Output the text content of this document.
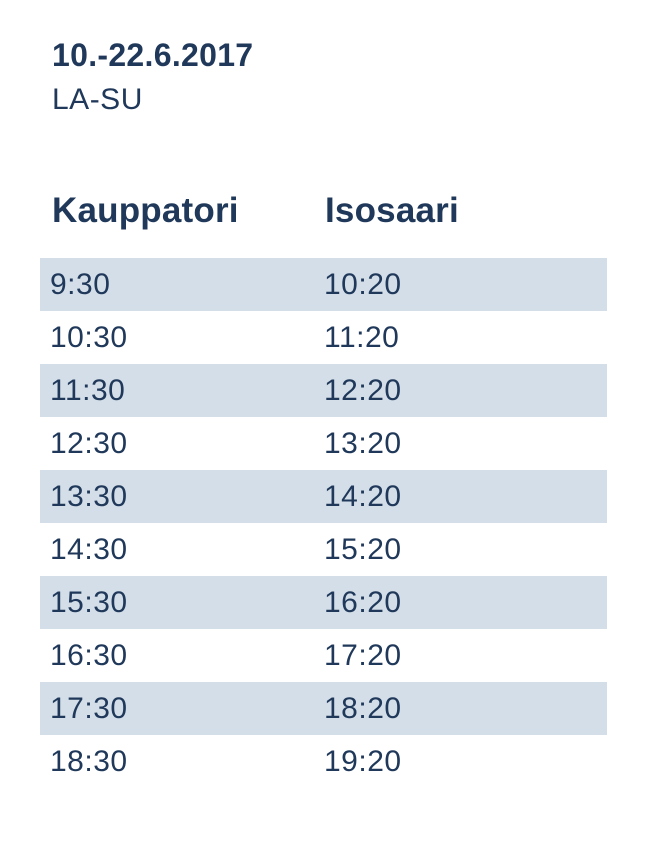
10.-22.6.2017
LA-SU
Kauppatori	Isosaari
9:30	10:20
10:30	11:20
11:30	12:20
12:30	13:20
13:30	14:20
14:30	15:20
15:30	16:20
16:30	17:20
17:30	18:20
18:30	19:20
